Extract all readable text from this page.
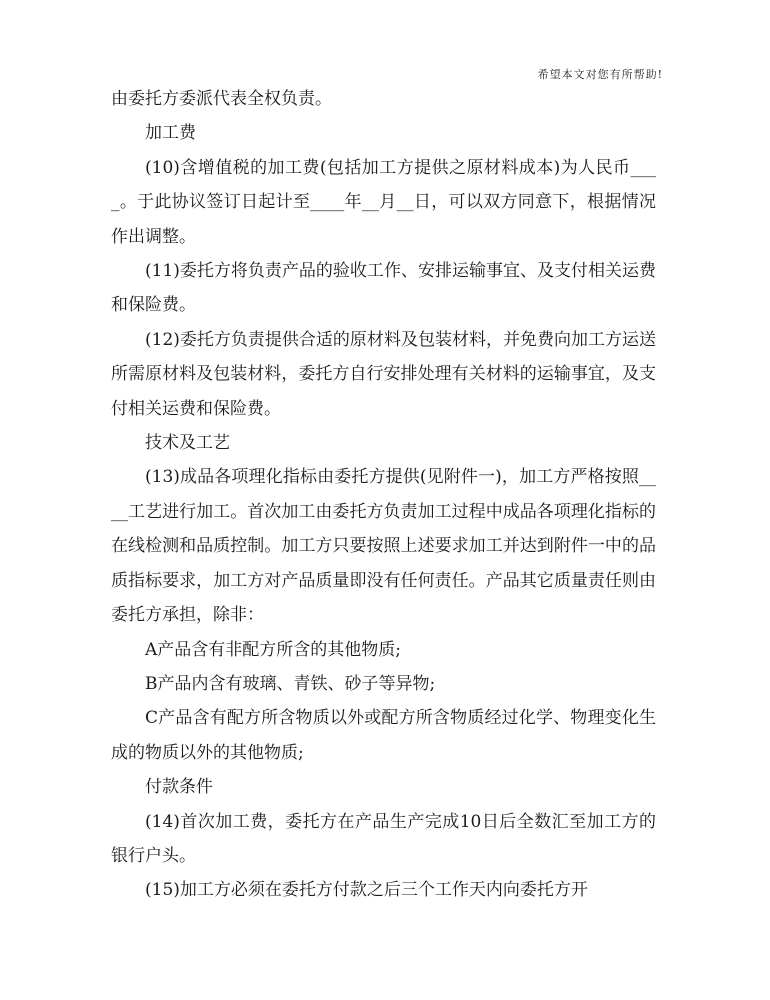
希望本文对您有所帮助!

由委托方委派代表全权负责。

加工费

(10)含增值税的加工费(包括加工方提供之原材料成本)为人民币____。于此协议签订日起计至____年__月__日，可以双方同意下，根据情况作出调整。

(11)委托方将负责产品的验收工作、安排运输事宜、及支付相关运费和保险费。

(12)委托方负责提供合适的原材料及包装材料，并免费向加工方运送所需原材料及包装材料，委托方自行安排处理有关材料的运输事宜，及支付相关运费和保险费。

技术及工艺

(13)成品各项理化指标由委托方提供(见附件一)，加工方严格按照____工艺进行加工。首次加工由委托方负责加工过程中成品各项理化指标的在线检测和品质控制。加工方只要按照上述要求加工并达到附件一中的品质指标要求，加工方对产品质量即没有任何责任。产品其它质量责任则由委托方承担，除非：

A产品含有非配方所含的其他物质;

B产品内含有玻璃、青铁、砂子等异物;

C产品含有配方所含物质以外或配方所含物质经过化学、物理变化生成的物质以外的其他物质;

付款条件

(14)首次加工费，委托方在产品生产完成10日后全数汇至加工方的银行户头。

(15)加工方必须在委托方付款之后三个工作天内向委托方开
